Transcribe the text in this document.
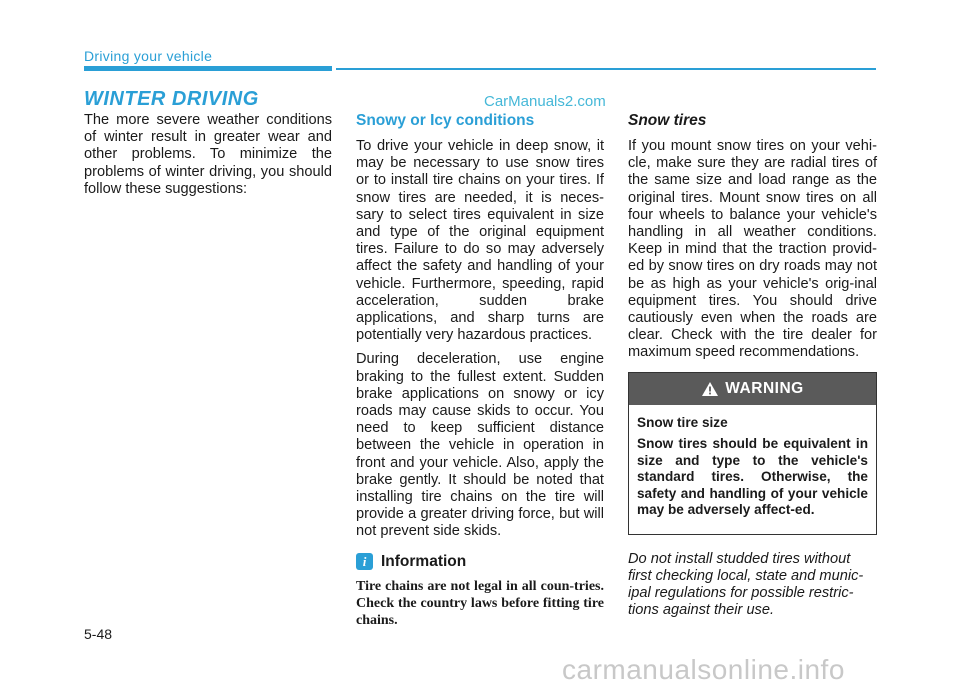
Driving your vehicle
WINTER DRIVING	CarManuals2.com

The more severe weather conditions of winter result in greater wear and other problems. To minimize the problems of winter driving, you should follow these suggestions:

Snowy or Icy conditions

To drive your vehicle in deep snow, it may be necessary to use snow tires or to install tire chains on your tires. If snow tires are needed, it is neces-sary to select tires equivalent in size and type of the original equipment tires. Failure to do so may adversely affect the safety and handling of your vehicle. Furthermore, speeding, rapid acceleration, sudden brake applications, and sharp turns are potentially very hazardous practices.

During deceleration, use engine braking to the fullest extent. Sudden brake applications on snowy or icy roads may cause skids to occur. You need to keep sufficient distance between the vehicle in operation in front and your vehicle. Also, apply the brake gently. It should be noted that installing tire chains on the tire will provide a greater driving force, but will not prevent side skids.

i Information

Tire chains are not legal in all coun-tries. Check the country laws before fitting tire chains.

Snow tires

If you mount snow tires on your vehi-cle, make sure they are radial tires of the same size and load range as the original tires. Mount snow tires on all four wheels to balance your vehicle's handling in all weather conditions. Keep in mind that the traction provid-ed by snow tires on dry roads may not be as high as your vehicle's orig-inal equipment tires. You should drive cautiously even when the roads are clear. Check with the tire dealer for maximum speed recommendations.

WARNING

Snow tire size

Snow tires should be equivalent in size and type to the vehicle's standard tires. Otherwise, the safety and handling of your vehicle may be adversely affect-ed.

Do not install studded tires without first checking local, state and munic-ipal regulations for possible restric-tions against their use.

5-48
carmanualsonline.info
